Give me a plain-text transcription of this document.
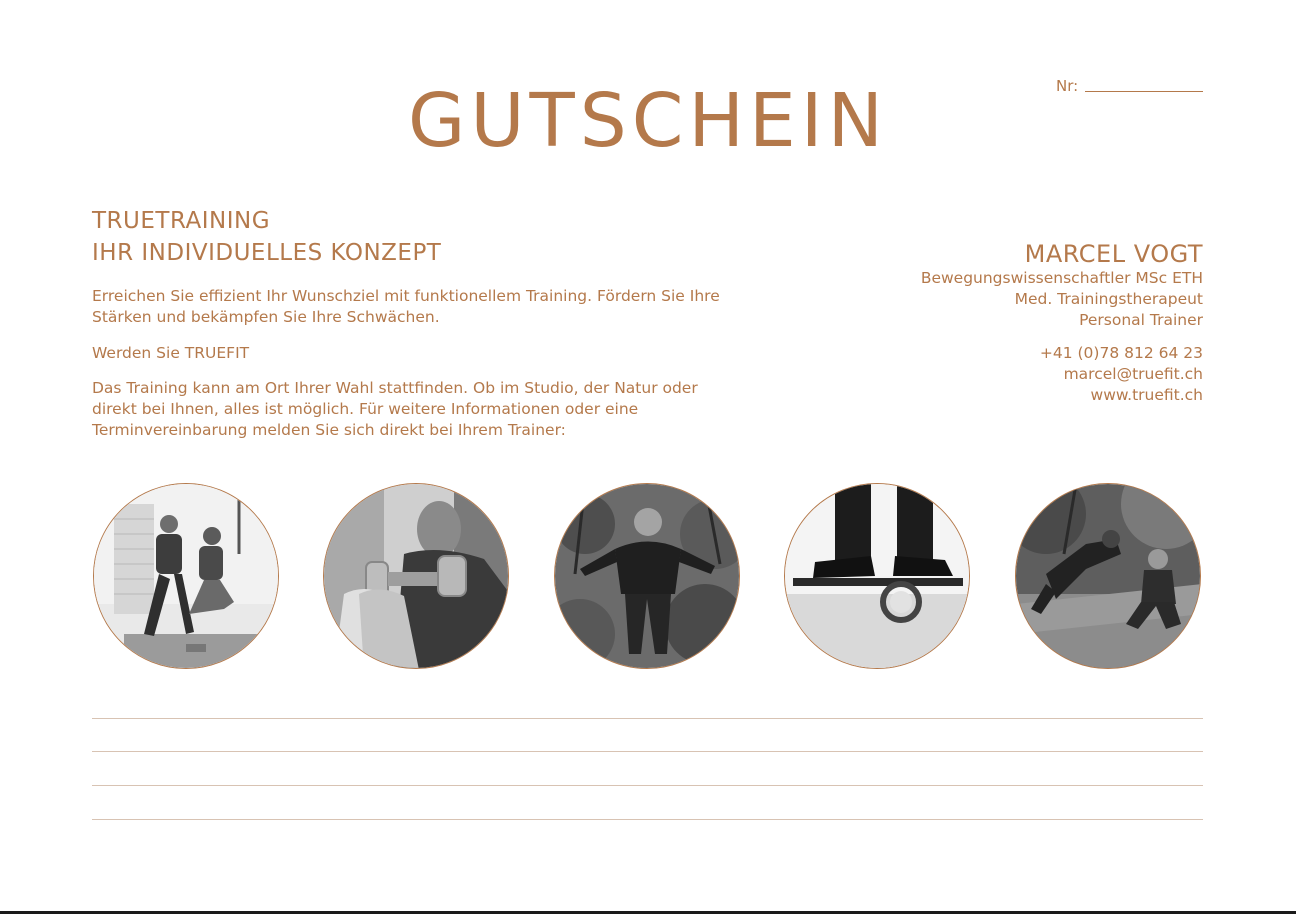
GUTSCHEIN	Nr:
TRUETRAINING
IHR INDIVIDUELLES KONZEPT
Erreichen Sie effizient Ihr Wunschziel mit funktionellem Training. Fördern Sie Ihre Stärken und bekämpfen Sie Ihre Schwächen.
Werden Sie TRUEFIT
Das Training kann am Ort Ihrer Wahl stattfinden. Ob im Studio, der Natur oder direkt bei Ihnen, alles ist möglich. Für weitere Informationen oder eine Terminvereinbarung melden Sie sich direkt bei Ihrem Trainer:
MARCEL VOGT
Bewegungswissenschaftler MSc ETH
Med. Trainingstherapeut
Personal Trainer
+41 (0)78 812 64 23
marcel@truefit.ch
www.truefit.ch
